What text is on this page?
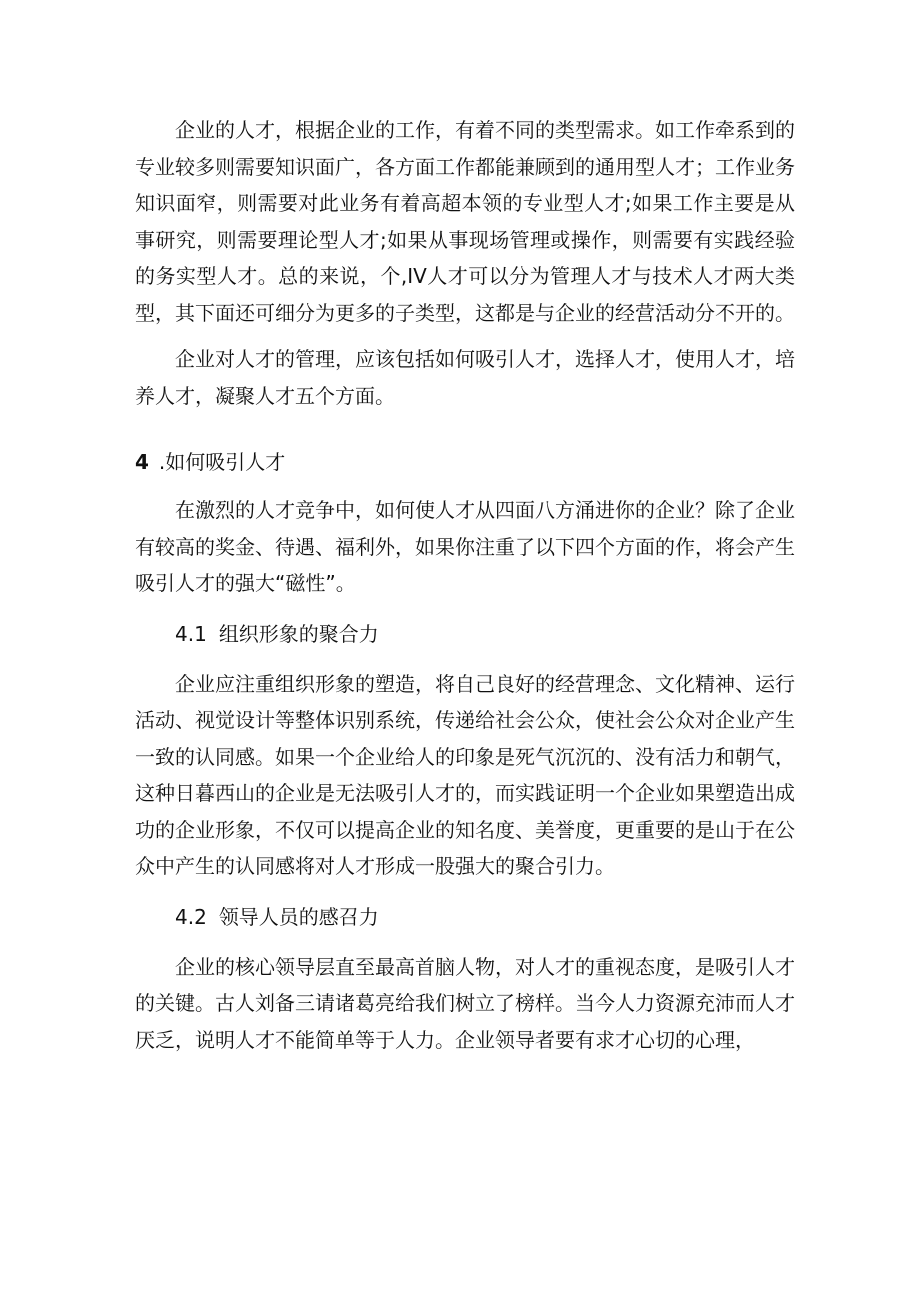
企业的人才，根据企业的工作，有着不同的类型需求。如工作牵系到的专业较多则需要知识面广，各方面工作都能兼顾到的通用型人才；工作业务知识面窄，则需要对此业务有着高超本领的专业型人才;如果工作主要是从事研究，则需要理论型人才;如果从事现场管理或操作，则需要有实践经验的务实型人才。总的来说，个,IV人才可以分为管理人才与技术人才两大类型，其下面还可细分为更多的子类型，这都是与企业的经营活动分不开的。

企业对人才的管理，应该包括如何吸引人才，选择人才，使用人才，培养人才，凝聚人才五个方面。

4 .如何吸引人才

在激烈的人才竞争中，如何使人才从四面八方涌进你的企业？除了企业有较高的奖金、待遇、福利外，如果你注重了以下四个方面的作，将会产生吸引人才的强大“磁性”。

4.1 组织形象的聚合力

企业应注重组织形象的塑造，将自己良好的经营理念、文化精神、运行活动、视觉设计等整体识别系统，传递给社会公众，使社会公众对企业产生一致的认同感。如果一个企业给人的印象是死气沉沉的、没有活力和朝气，这种日暮西山的企业是无法吸引人才的，而实践证明一个企业如果塑造出成功的企业形象，不仅可以提高企业的知名度、美誉度，更重要的是山于在公众中产生的认同感将对人才形成一股强大的聚合引力。

4.2 领导人员的感召力

企业的核心领导层直至最高首脑人物，对人才的重视态度，是吸引人才的关键。古人刘备三请诸葛亮给我们树立了榜样。当今人力资源充沛而人才厌乏，说明人才不能简单等于人力。企业领导者要有求才心切的心理，
